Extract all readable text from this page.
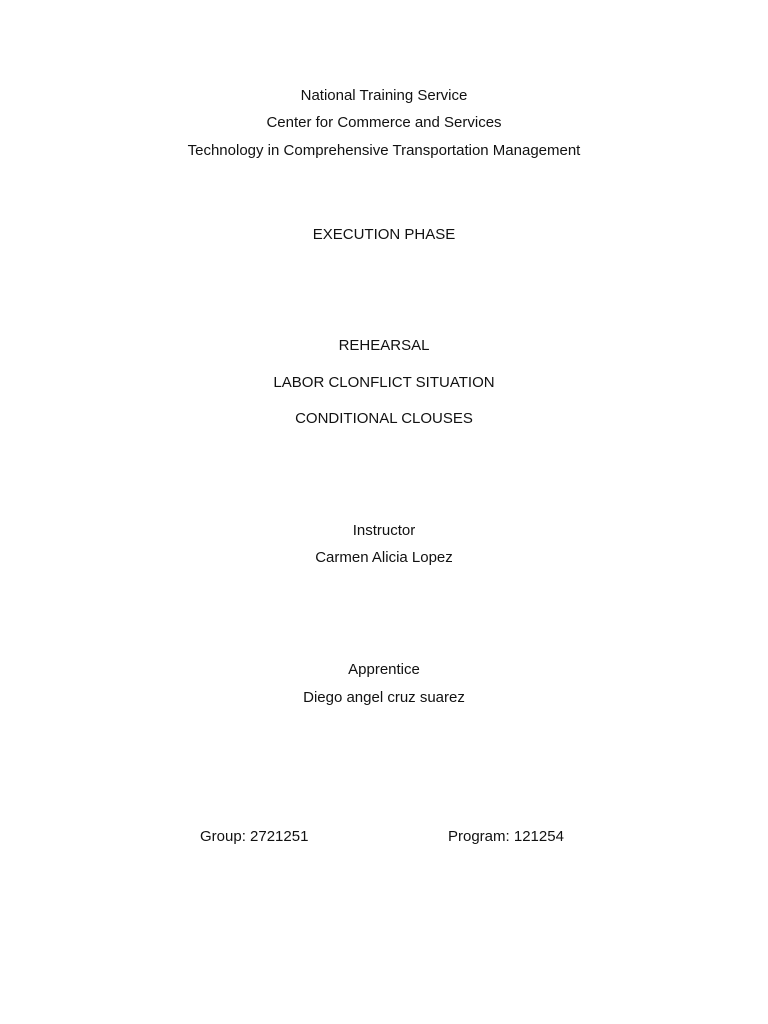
National Training Service
Center for Commerce and Services
Technology in Comprehensive Transportation Management
EXECUTION PHASE
REHEARSAL
LABOR CLONFLICT SITUATION
CONDITIONAL CLOUSES
Instructor
Carmen Alicia Lopez
Apprentice
Diego angel cruz suarez
Group: 2721251	Program: 121254
